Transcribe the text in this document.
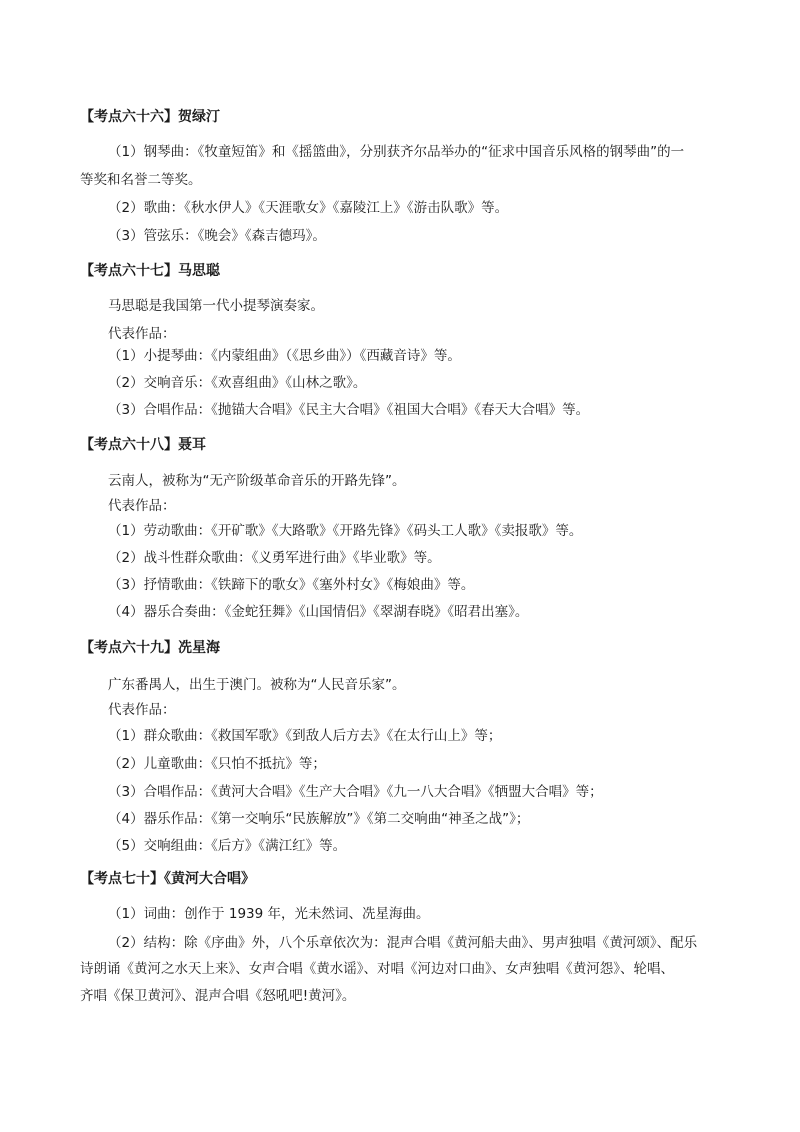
【考点六十六】贺绿汀
（1）钢琴曲：《牧童短笛》和《摇篮曲》，分别获齐尔品举办的“征求中国音乐风格的钢琴曲”的一
等奖和名誉二等奖。
（2）歌曲：《秋水伊人》《天涯歌女》《嘉陵江上》《游击队歌》等。
（3）管弦乐：《晚会》《森吉德玛》。
【考点六十七】马思聪
马思聪是我国第一代小提琴演奏家。
代表作品：
（1）小提琴曲：《内蒙组曲》（《思乡曲》）《西藏音诗》等。
（2）交响音乐：《欢喜组曲》《山林之歌》。
（3）合唱作品：《抛锚大合唱》《民主大合唱》《祖国大合唱》《春天大合唱》等。
【考点六十八】聂耳
云南人，被称为“无产阶级革命音乐的开路先锋”。
代表作品：
（1）劳动歌曲：《开矿歌》《大路歌》《开路先锋》《码头工人歌》《卖报歌》等。
（2）战斗性群众歌曲：《义勇军进行曲》《毕业歌》等。
（3）抒情歌曲：《铁蹄下的歌女》《塞外村女》《梅娘曲》等。
（4）器乐合奏曲：《金蛇狂舞》《山国情侣》《翠湖春晓》《昭君出塞》。
【考点六十九】冼星海
广东番禺人，出生于澳门。被称为“人民音乐家”。
代表作品：
（1）群众歌曲：《救国军歌》《到敌人后方去》《在太行山上》等；
（2）儿童歌曲：《只怕不抵抗》等；
（3）合唱作品：《黄河大合唱》《生产大合唱》《九一八大合唱》《牺盟大合唱》等；
（4）器乐作品：《第一交响乐“民族解放”》《第二交响曲“神圣之战”》；
（5）交响组曲：《后方》《满江红》等。
【考点七十】《黄河大合唱》
（1）词曲：创作于 1939 年，光未然词、冼星海曲。
（2）结构：除《序曲》外，八个乐章依次为：混声合唱《黄河船夫曲》、男声独唱《黄河颂》、配乐
诗朗诵《黄河之水天上来》、女声合唱《黄水谣》、对唱《河边对口曲》、女声独唱《黄河怨》、轮唱、
齐唱《保卫黄河》、混声合唱《怒吼吧!黄河》。
